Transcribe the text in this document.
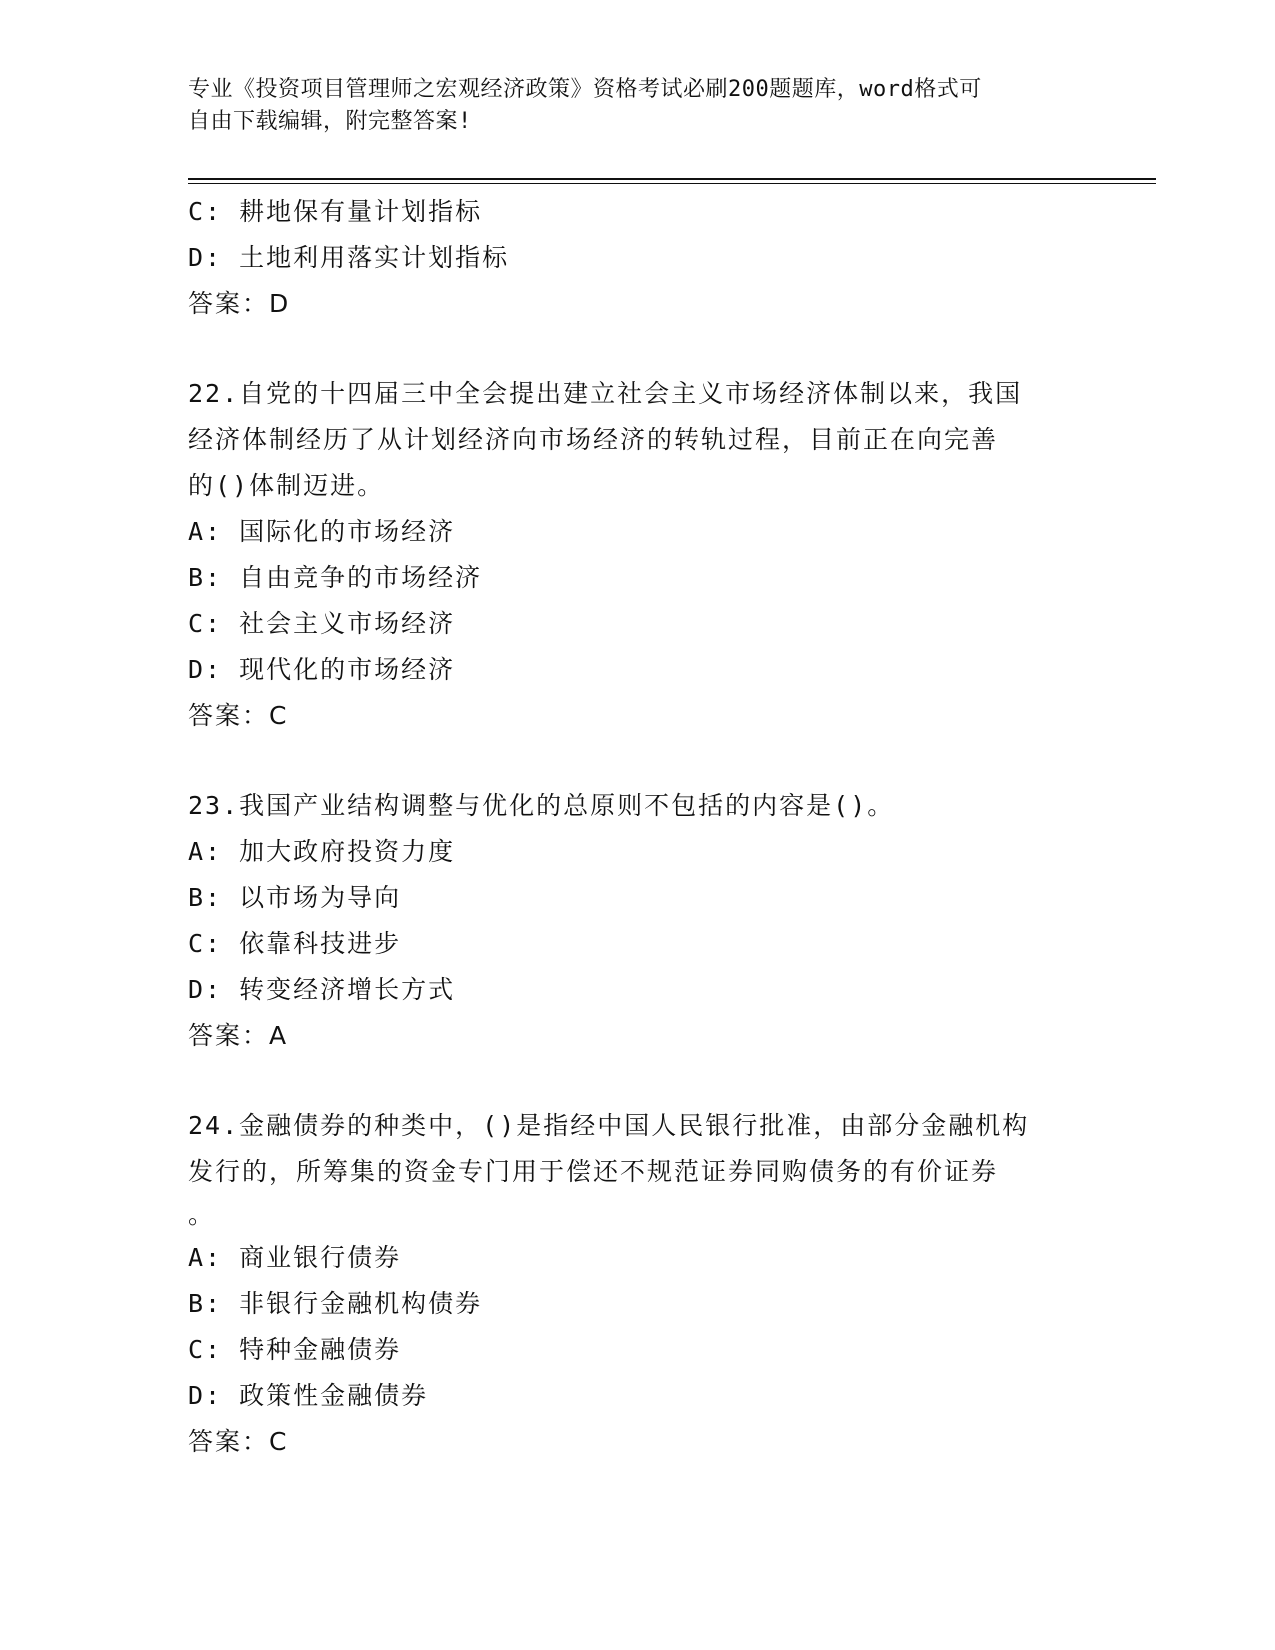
专业《投资项目管理师之宏观经济政策》资格考试必刷200题题库，word格式可
自由下载编辑，附完整答案!
C: 耕地保有量计划指标
D: 土地利用落实计划指标
答案：D
22.自党的十四届三中全会提出建立社会主义市场经济体制以来，我国
经济体制经历了从计划经济向市场经济的转轨过程，目前正在向完善
的()体制迈进。
A: 国际化的市场经济
B: 自由竞争的市场经济
C: 社会主义市场经济
D: 现代化的市场经济
答案：C
23.我国产业结构调整与优化的总原则不包括的内容是()。
A: 加大政府投资力度
B: 以市场为导向
C: 依靠科技进步
D: 转变经济增长方式
答案：A
24.金融债券的种类中，()是指经中国人民银行批准，由部分金融机构
发行的，所筹集的资金专门用于偿还不规范证券同购债务的有价证券
。
A: 商业银行债券
B: 非银行金融机构债券
C: 特种金融债券
D: 政策性金融债券
答案：C
